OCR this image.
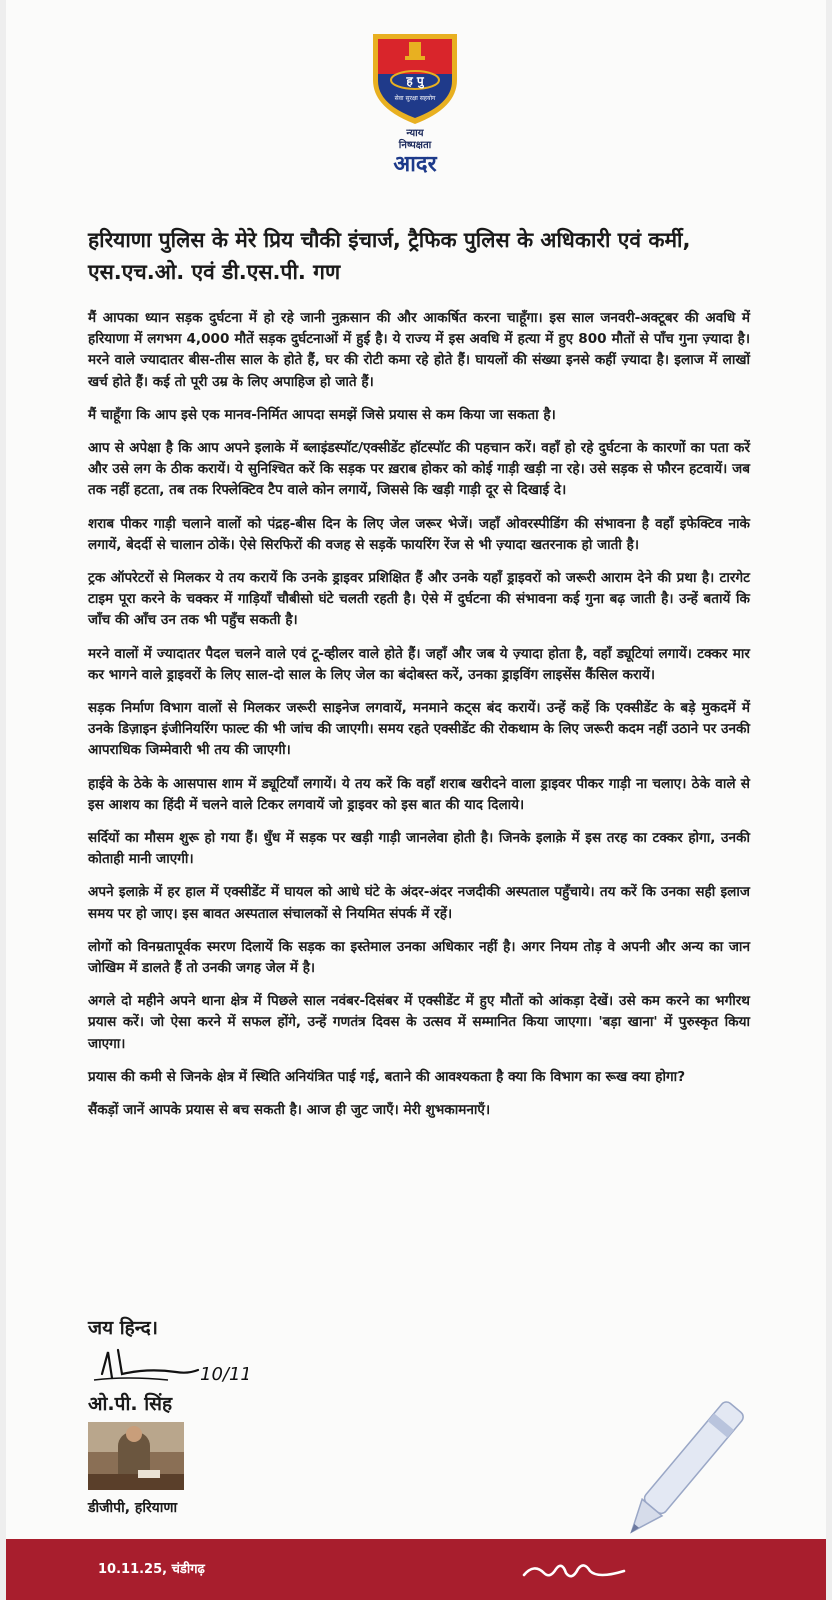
ह पु
सेवा सुरक्षा सहयोग
न्याय
निष्पक्षता
आदर
हरियाणा पुलिस के मेरे प्रिय चौकी इंचार्ज, ट्रैफिक पुलिस के अधिकारी एवं कर्मी, एस.एच.ओ. एवं डी.एस.पी. गण

मैं आपका ध्यान सड़क दुर्घटना में हो रहे जानी नुक़सान की और आकर्षित करना चाहूँगा। इस साल जनवरी-अक्टूबर की अवधि में हरियाणा में लगभग 4,000 मौतें सड़क दुर्घटनाओं में हुई है। ये राज्य में इस अवधि में हत्या में हुए 800 मौतों से पाँच गुना ज़्यादा है। मरने वाले ज्यादातर बीस-तीस साल के होते हैं, घर की रोटी कमा रहे होते हैं। घायलों की संख्या इनसे कहीं ज़्यादा है। इलाज में लाखों खर्च होते हैं। कई तो पूरी उम्र के लिए अपाहिज हो जाते हैं।

मैं चाहूँगा कि आप इसे एक मानव-निर्मित आपदा समझें जिसे प्रयास से कम किया जा सकता है।

आप से अपेक्षा है कि आप अपने इलाके में ब्लाइंडस्पॉट/एक्सीडेंट हॉटस्पॉट की पहचान करें। वहाँ हो रहे दुर्घटना के कारणों का पता करें और उसे लग के ठीक करायें। ये सुनिश्चित करें कि सड़क पर ख़राब होकर को कोई गाड़ी खड़ी ना रहे। उसे सड़क से फौरन हटवायें। जब तक नहीं हटता, तब तक रिफ्लेक्टिव टैप वाले कोन लगायें, जिससे कि खड़ी गाड़ी दूर से दिखाई दे।

शराब पीकर गाड़ी चलाने वालों को पंद्रह-बीस दिन के लिए जेल जरूर भेजें। जहाँ ओवरस्पीडिंग की संभावना है वहाँ इफेक्टिव नाके लगायें, बेदर्दी से चालान ठोकें। ऐसे सिरफिरों की वजह से सड़कें फायरिंग रेंज से भी ज़्यादा खतरनाक हो जाती है।

ट्रक ऑपरेटरों से मिलकर ये तय करायें कि उनके ड्राइवर प्रशिक्षित हैं और उनके यहाँ ड्राइवरों को जरूरी आराम देने की प्रथा है। टारगेट टाइम पूरा करने के चक्कर में गाड़ियाँ चौबीसो घंटे चलती रहती है। ऐसे में दुर्घटना की संभावना कई गुना बढ़ जाती है। उन्हें बतायें कि जाँच की आँच उन तक भी पहुँच सकती है।

मरने वालों में ज्यादातर पैदल चलने वाले एवं टू-व्हीलर वाले होते हैं। जहाँ और जब ये ज़्यादा होता है, वहाँ ड्यूटियां लगायें। टक्कर मार कर भागने वाले ड्राइवरों के लिए साल-दो साल के लिए जेल का बंदोबस्त करें, उनका ड्राइविंग लाइसेंस कैंसिल करायें।

सड़क निर्माण विभाग वालों से मिलकर जरूरी साइनेज लगवायें, मनमाने कट्स बंद करायें। उन्हें कहें कि एक्सीडेंट के बड़े मुकदमें में उनके डिज़ाइन इंजीनियरिंग फाल्ट की भी जांच की जाएगी। समय रहते एक्सीडेंट की रोकथाम के लिए जरूरी कदम नहीं उठाने पर उनकी आपराधिक जिम्मेवारी भी तय की जाएगी।

हाईवे के ठेके के आसपास शाम में ड्यूटियाँ लगायें। ये तय करें कि वहाँ शराब खरीदने वाला ड्राइवर पीकर गाड़ी ना चलाए। ठेके वाले से इस आशय का हिंदी में चलने वाले टिकर लगवायें जो ड्राइवर को इस बात की याद दिलाये।

सर्दियों का मौसम शुरू हो गया हैं। धुँध में सड़क पर खड़ी गाड़ी जानलेवा होती है। जिनके इलाक़े में इस तरह का टक्कर होगा, उनकी कोताही मानी जाएगी।

अपने इलाक़े में हर हाल में एक्सीडेंट में घायल को आधे घंटे के अंदर-अंदर नजदीकी अस्पताल पहुँचाये। तय करें कि उनका सही इलाज समय पर हो जाए। इस बावत अस्पताल संचालकों से नियमित संपर्क में रहें।

लोगों को विनम्रतापूर्वक स्मरण दिलायें कि सड़क का इस्तेमाल उनका अधिकार नहीं है। अगर नियम तोड़ वे अपनी और अन्य का जान जोखिम में डालते हैं तो उनकी जगह जेल में है।

अगले दो महीने अपने थाना क्षेत्र में पिछले साल नवंबर-दिसंबर में एक्सीडेंट में हुए मौतों को आंकड़ा देखें। उसे कम करने का भगीरथ प्रयास करें। जो ऐसा करने में सफल होंगे, उन्हें गणतंत्र दिवस के उत्सव में सम्मानित किया जाएगा। 'बड़ा खाना' में पुरुस्कृत किया जाएगा।

प्रयास की कमी से जिनके क्षेत्र में स्थिति अनियंत्रित पाई गई, बताने की आवश्यकता है क्या कि विभाग का रूख क्या होगा?

सैंकड़ों जानें आपके प्रयास से बच सकती है। आज ही जुट जाएँ। मेरी शुभकामनाएँ।

जय हिन्द।
10/11
ओ.पी. सिंह
डीजीपी, हरियाणा
10.11.25, चंडीगढ़
